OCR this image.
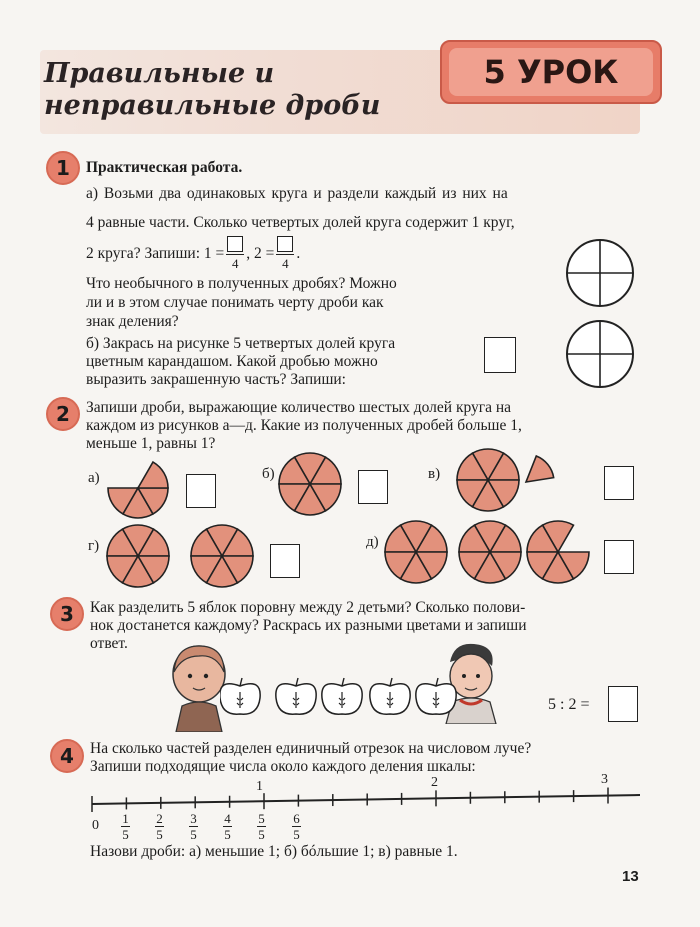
Правильные и
неправильные дроби
5 УРОК
1	Практическая работа.
а) Возьми два одинаковых круга и раздели каждый из них на
4 равные части. Сколько четвертых долей круга содержит 1 круг,
2 круга? Запиши: 1 =
4
, 2 =
4
.
Что необычного в полученных дробях? Можно
ли и в этом случае понимать черту дроби как
знак деления?
б) Закрась на рисунке 5 четвертых долей круга
цветным карандашом. Какой дробью можно
выразить закрашенную часть? Запиши:
2	Запиши дроби, выражающие количество шестых долей круга на
каждом из рисунков а—д. Какие из полученных дробей больше 1,
меньше 1, равны 1?
а)	б)	в)
г)	д)
3	Как разделить 5 яблок поровну между 2 детьми? Сколько полови-
нок достанется каждому? Раскрась их разными цветами и запиши
ответ.
5 : 2 =
4	На сколько частей разделен единичный отрезок на числовом луче?
Запиши подходящие числа около каждого деления шкалы:
1	2	3
0 1
5
2
5
3
5
4
5
5
5
6
5
Назови дроби: а) меньшие 1; б) бóльшие 1; в) равные 1.
13
